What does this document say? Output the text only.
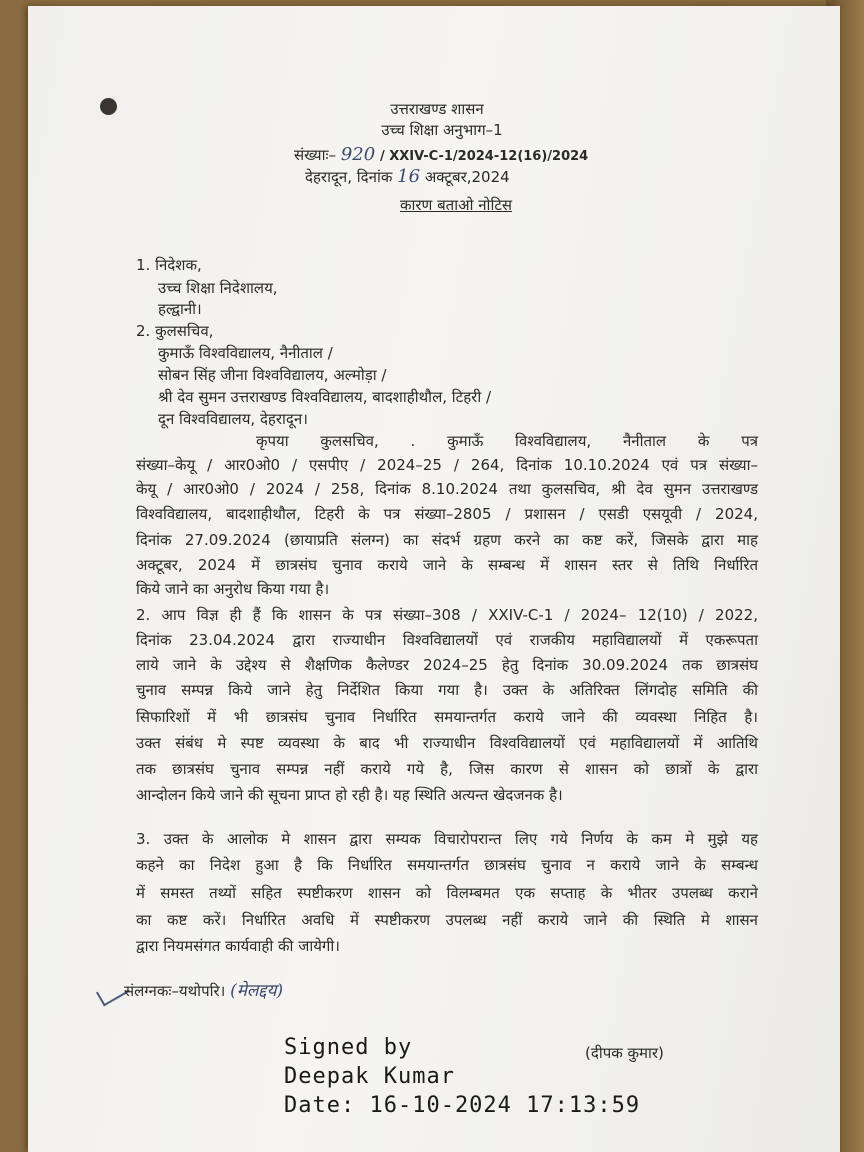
उत्तराखण्ड शासन
उच्च शिक्षा अनुभाग–1
संख्याः– 920 / XXIV-C-1/2024-12(16)/2024
देहरादून, दिनांक 16 अक्टूबर,2024
कारण बताओ नोटिस
1. निदेशक,
उच्च शिक्षा निदेशालय,
हल्द्वानी।
2. कुलसचिव,
कुमाऊँ विश्वविद्यालय, नैनीताल /
सोबन सिंह जीना विश्वविद्यालय, अल्मोड़ा /
श्री देव सुमन उत्तराखण्ड विश्वविद्यालय, बादशाहीथौल, टिहरी /
दून विश्वविद्यालय, देहरादून।
कृपया कुलसचिव, . कुमाऊँ विश्वविद्यालय, नैनीताल के पत्र
संख्या–केयू / आर0ओ0 / एसपीए / 2024–25 / 264, दिनांक 10.10.2024 एवं पत्र संख्या–
केयू / आर0ओ0 / 2024 / 258, दिनांक 8.10.2024 तथा कुलसचिव, श्री देव सुमन उत्तराखण्ड
विश्वविद्यालय, बादशाहीथौल, टिहरी के पत्र संख्या–2805 / प्रशासन / एसडी एसयूवी / 2024,
दिनांक 27.09.2024 (छायाप्रति संलग्न) का संदर्भ ग्रहण करने का कष्ट करें, जिसके द्वारा माह
अक्टूबर, 2024 में छात्रसंघ चुनाव कराये जाने के सम्बन्ध में शासन स्तर से तिथि निर्धारित
किये जाने का अनुरोध किया गया है।
2. आप विज्ञ ही हैं कि शासन के पत्र संख्या–308 / XXIV-C-1 / 2024– 12(10) / 2022,
दिनांक 23.04.2024 द्वारा राज्याधीन विश्वविद्यालयों एवं राजकीय महाविद्यालयों में एकरूपता
लाये जाने के उद्देश्य से शैक्षणिक कैलेण्डर 2024–25 हेतु दिनांक 30.09.2024 तक छात्रसंघ
चुनाव सम्पन्न किये जाने हेतु निर्देशित किया गया है। उक्त के अतिरिक्त लिंगदोह समिति की
सिफारिशों में भी छात्रसंघ चुनाव निर्धारित समयान्तर्गत कराये जाने की व्यवस्था निहित है।
उक्त संबंध मे स्पष्ट व्यवस्था के बाद भी राज्याधीन विश्वविद्यालयों एवं महाविद्यालयों में आतिथि
तक छात्रसंघ चुनाव सम्पन्न नहीं कराये गये है, जिस कारण से शासन को छात्रों के द्वारा
आन्दोलन किये जाने की सूचना प्राप्त हो रही है। यह स्थिति अत्यन्त खेदजनक है।
3. उक्त के आलोक मे शासन द्वारा सम्यक विचारोपरान्त लिए गये निर्णय के कम मे मुझे यह
कहने का निदेश हुआ है कि निर्धारित समयान्तर्गत छात्रसंघ चुनाव न कराये जाने के सम्बन्ध
में समस्त तथ्यों सहित स्पष्टीकरण शासन को विलम्बमत एक सप्ताह के भीतर उपलब्ध कराने
का कष्ट करें। निर्धारित अवधि में स्पष्टीकरण उपलब्ध नहीं कराये जाने की स्थिति मे शासन
द्वारा नियमसंगत कार्यवाही की जायेगी।
संलग्नकः–यथोपरि। (मेलद्दय)
(दीपक कुमार)
Signed by
Deepak Kumar
Date: 16-10-2024 17:13:59
